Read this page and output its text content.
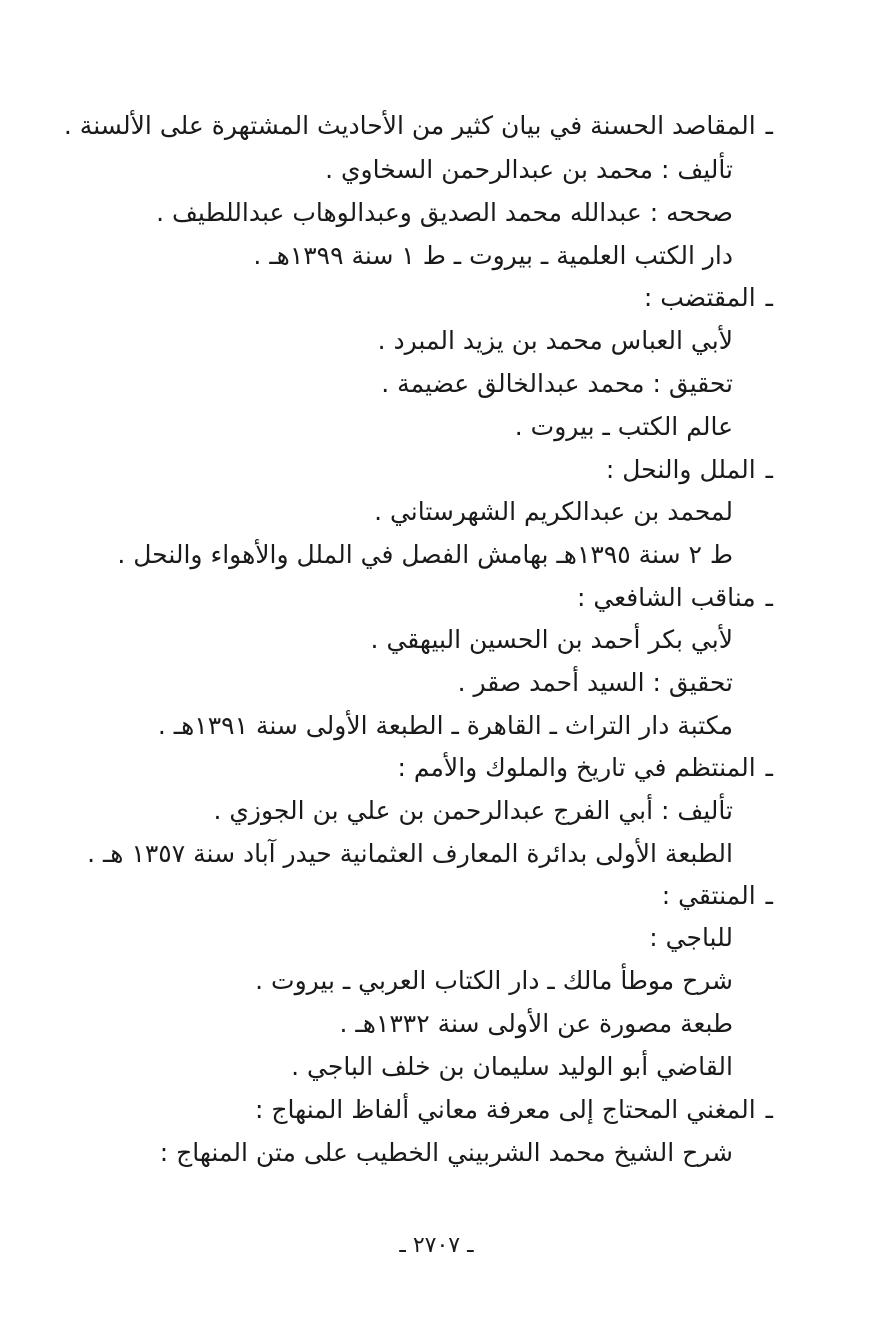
ـالمقاصد الحسنة في بيان كثير من الأحاديث المشتهرة على الألسنة .
تأليف : محمد بن عبدالرحمن السخاوي .
صححه : عبدالله محمد الصديق وعبدالوهاب عبداللطيف .
دار الكتب العلمية ـ بيروت ـ ط ١ سنة ١٣٩٩هـ .
ـالمقتضب :
لأبي العباس محمد بن يزيد المبرد .
تحقيق : محمد عبدالخالق عضيمة .
عالم الكتب ـ بيروت .
ـالملل والنحل :
لمحمد بن عبدالكريم الشهرستاني .
ط ٢ سنة ١٣٩٥هـ بهامش الفصل في الملل والأهواء والنحل .
ـمناقب الشافعي :
لأبي بكر أحمد بن الحسين البيهقي .
تحقيق : السيد أحمد صقر .
مكتبة دار التراث ـ القاهرة ـ الطبعة الأولى سنة ١٣٩١هـ .
ـالمنتظم في تاريخ والملوك والأمم :
تأليف : أبي الفرج عبدالرحمن بن علي بن الجوزي .
الطبعة الأولى بدائرة المعارف العثمانية حيدر آباد سنة ١٣٥٧ هـ .
ـالمنتقي :
للباجي :
شرح موطأ مالك ـ دار الكتاب العربي ـ بيروت .
طبعة مصورة عن الأولى سنة ١٣٣٢هـ .
القاضي أبو الوليد سليمان بن خلف الباجي .
ـالمغني المحتاج إلى معرفة معاني ألفاظ المنهاج :
شرح الشيخ محمد الشربيني الخطيب على متن المنهاج :
ـ ٢٧٠٧ ـ
